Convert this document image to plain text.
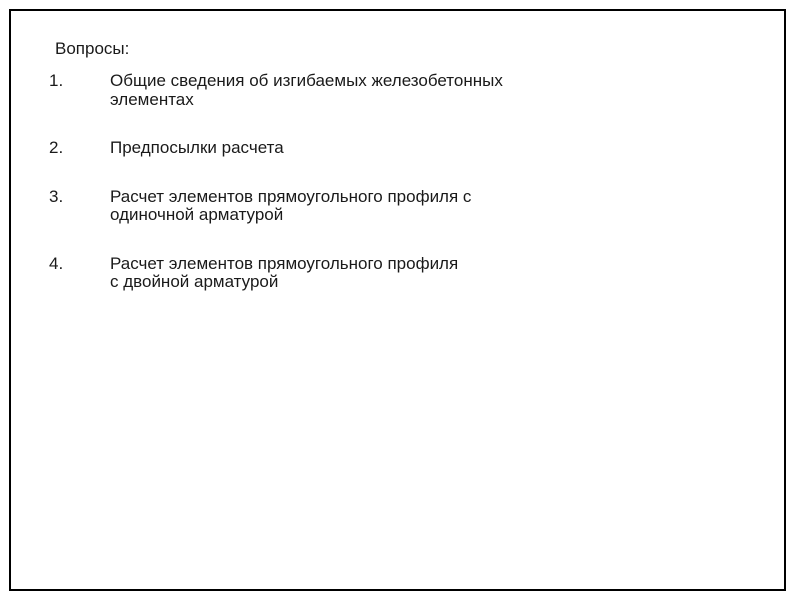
Вопросы:

1.	Общие сведения об изгибаемых железобетонных
элементах
2.	Предпосылки расчета
3.	Расчет элементов прямоугольного профиля с
одиночной арматурой
4.	Расчет элементов прямоугольного профиля
с двойной арматурой
